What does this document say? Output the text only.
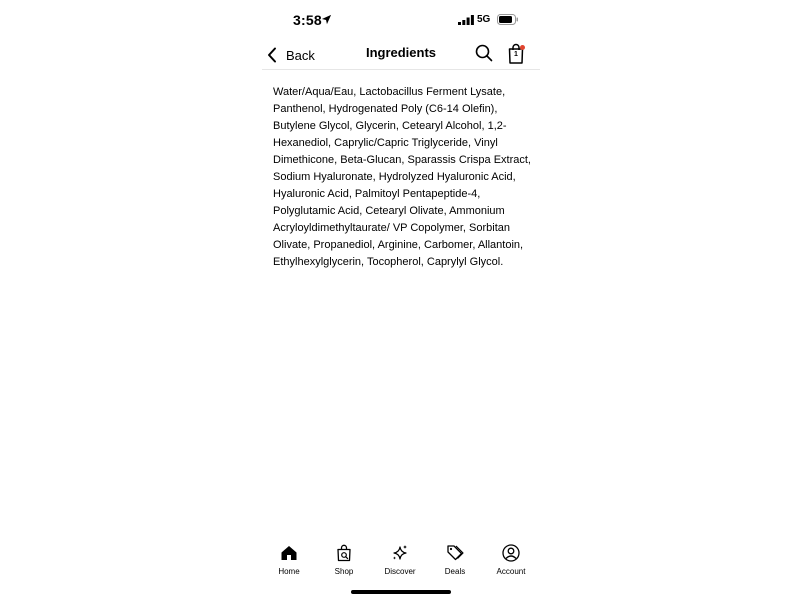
3:58	5G
Back	Ingredients	1
Water/Aqua/Eau, Lactobacillus Ferment Lysate, Panthenol, Hydrogenated Poly (C6-14 Olefin), Butylene Glycol, Glycerin, Cetearyl Alcohol, 1,2-Hexanediol, Caprylic/Capric Triglyceride, Vinyl Dimethicone, Beta-Glucan, Sparassis Crispa Extract, Sodium Hyaluronate, Hydrolyzed Hyaluronic Acid, Hyaluronic Acid, Palmitoyl Pentapeptide-4, Polyglutamic Acid, Cetearyl Olivate, Ammonium Acryloyldimethyltaurate/ VP Copolymer, Sorbitan Olivate, Propanediol, Arginine, Carbomer, Allantoin, Ethylhexylglycerin, Tocopherol, Caprylyl Glycol.
Home	Shop	Discover	Deals	Account
